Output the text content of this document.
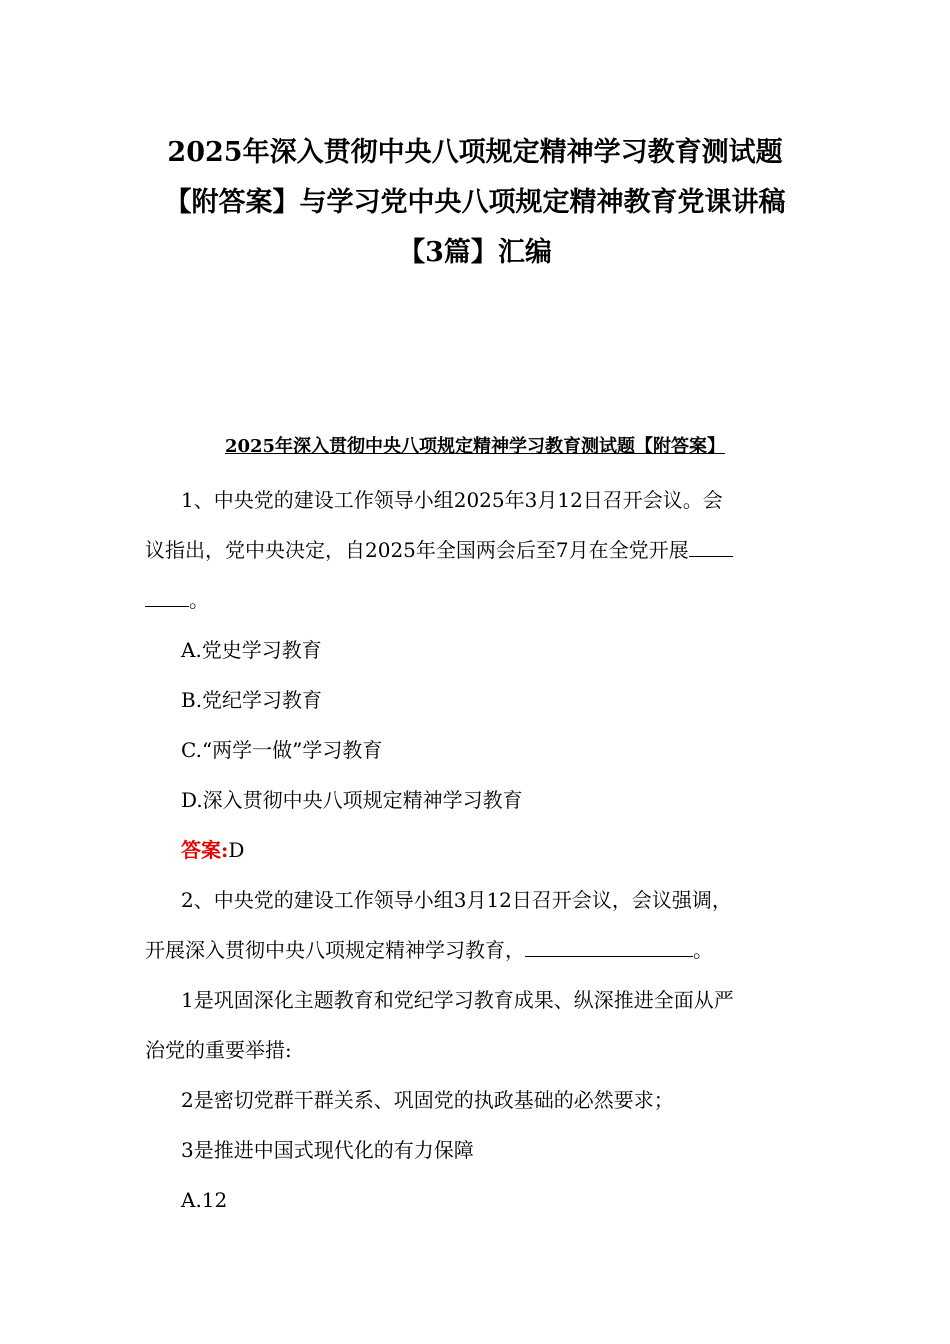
2025年深入贯彻中央八项规定精神学习教育测试题
【附答案】与学习党中央八项规定精神教育党课讲稿
【3篇】汇编
2025年深入贯彻中央八项规定精神学习教育测试题【附答案】
1、中央党的建设工作领导小组2025年3月12日召开会议。会
议指出，党中央决定，自2025年全国两会后至7月在全党开展
。
A.党史学习教育
B.党纪学习教育
C.“两学一做”学习教育
D.深入贯彻中央八项规定精神学习教育
答案:D
2、中央党的建设工作领导小组3月12日召开会议，会议强调，
开展深入贯彻中央八项规定精神学习教育，	。
1是巩固深化主题教育和党纪学习教育成果、纵深推进全面从严
治党的重要举措:
2是密切党群干群关系、巩固党的执政基础的必然要求；
3是推进中国式现代化的有力保障
A.12
